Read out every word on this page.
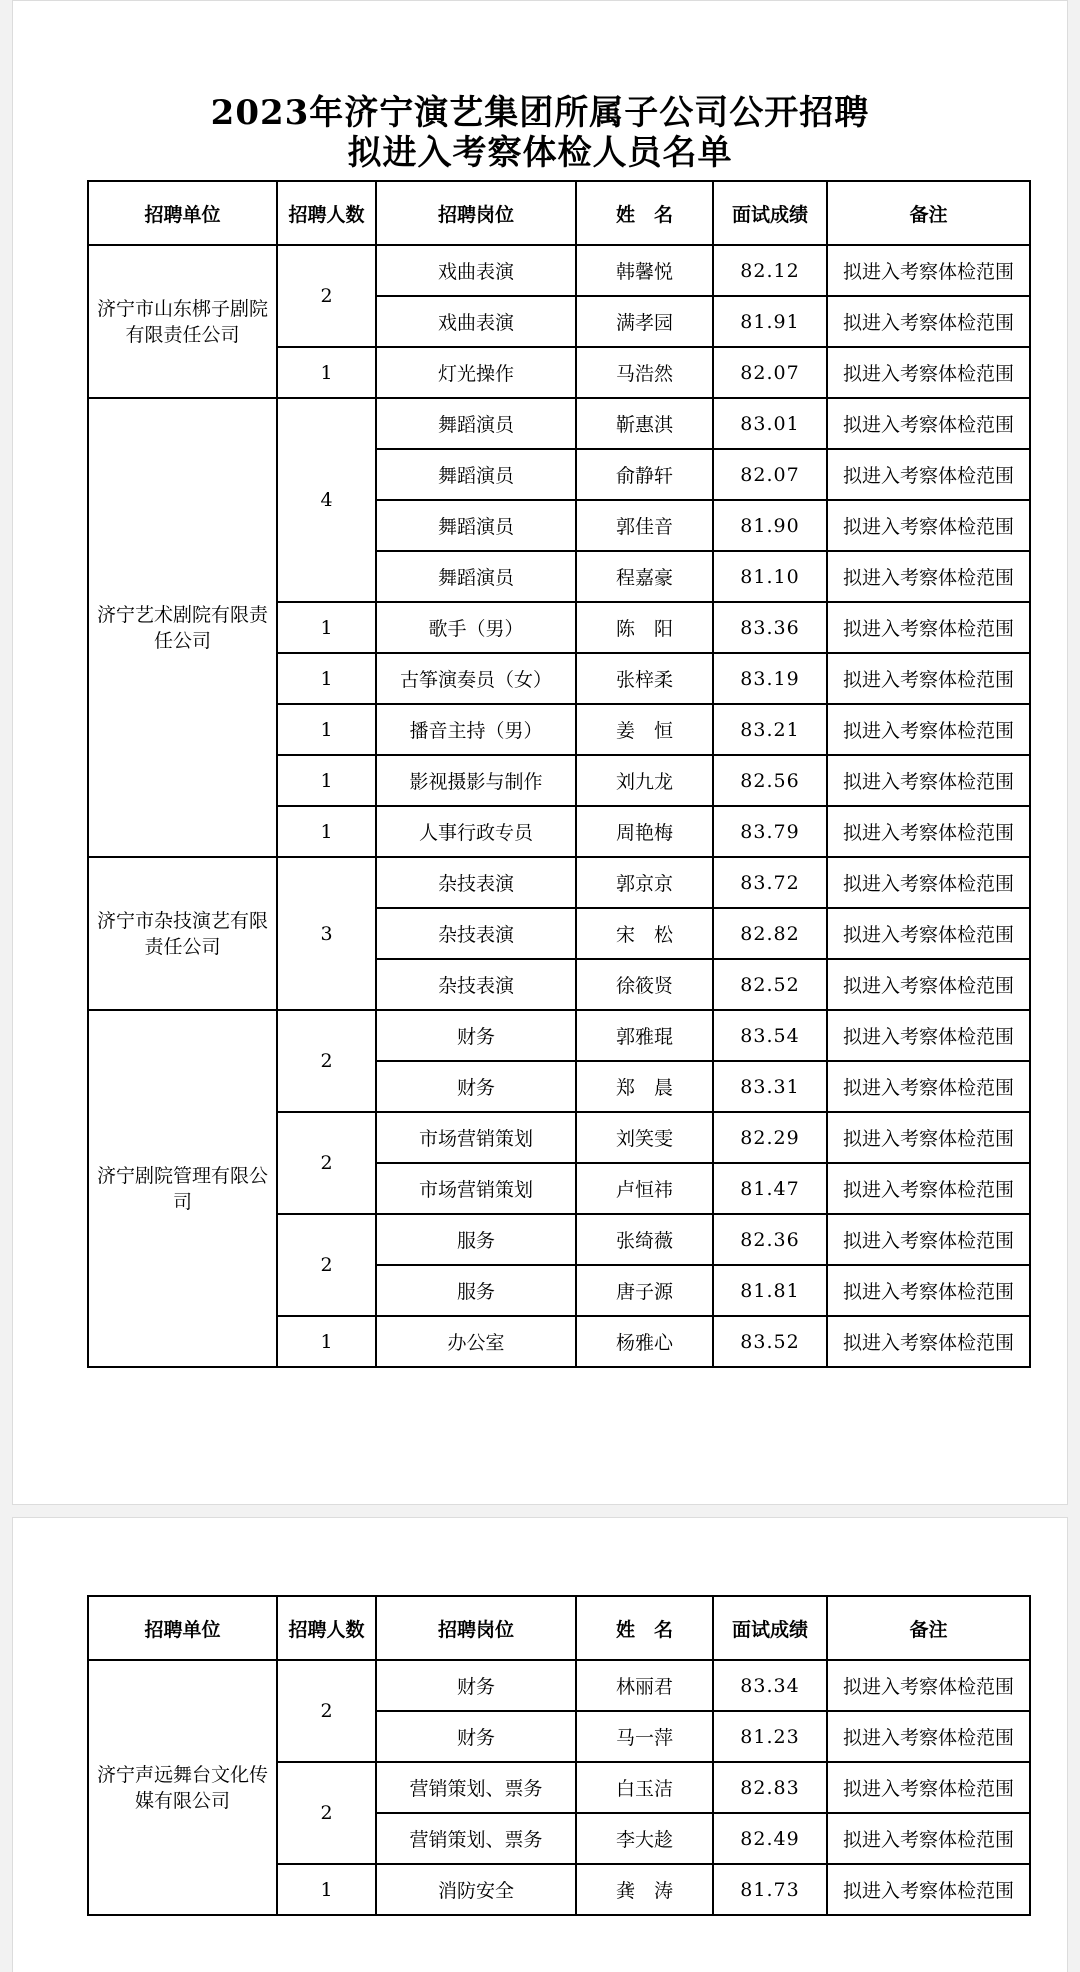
2023年济宁演艺集团所属子公司公开招聘
拟进入考察体检人员名单
招聘单位	招聘人数	招聘岗位	姓　名	面试成绩	备注
济宁市山东梆子剧院有限责任公司	2	戏曲表演	韩馨悦	82.12	拟进入考察体检范围
		戏曲表演	满孝园	81.91	拟进入考察体检范围
	1	灯光操作	马浩然	82.07	拟进入考察体检范围
济宁艺术剧院有限责任公司	4	舞蹈演员	靳惠淇	83.01	拟进入考察体检范围
		舞蹈演员	俞静轩	82.07	拟进入考察体检范围
		舞蹈演员	郭佳音	81.90	拟进入考察体检范围
		舞蹈演员	程嘉豪	81.10	拟进入考察体检范围
	1	歌手（男）	陈　阳	83.36	拟进入考察体检范围
	1	古筝演奏员（女）	张梓柔	83.19	拟进入考察体检范围
	1	播音主持（男）	姜　恒	83.21	拟进入考察体检范围
	1	影视摄影与制作	刘九龙	82.56	拟进入考察体检范围
	1	人事行政专员	周艳梅	83.79	拟进入考察体检范围
济宁市杂技演艺有限责任公司	3	杂技表演	郭京京	83.72	拟进入考察体检范围
		杂技表演	宋　松	82.82	拟进入考察体检范围
		杂技表演	徐筱贤	82.52	拟进入考察体检范围
济宁剧院管理有限公司	2	财务	郭雅琨	83.54	拟进入考察体检范围
		财务	郑　晨	83.31	拟进入考察体检范围
	2	市场营销策划	刘笑雯	82.29	拟进入考察体检范围
		市场营销策划	卢恒祎	81.47	拟进入考察体检范围
	2	服务	张绮薇	82.36	拟进入考察体检范围
		服务	唐子源	81.81	拟进入考察体检范围
	1	办公室	杨雅心	83.52	拟进入考察体检范围
招聘单位	招聘人数	招聘岗位	姓　名	面试成绩	备注
济宁声远舞台文化传媒有限公司	2	财务	林丽君	83.34	拟进入考察体检范围
		财务	马一萍	81.23	拟进入考察体检范围
	2	营销策划、票务	白玉洁	82.83	拟进入考察体检范围
		营销策划、票务	李大趁	82.49	拟进入考察体检范围
	1	消防安全	龚　涛	81.73	拟进入考察体检范围
